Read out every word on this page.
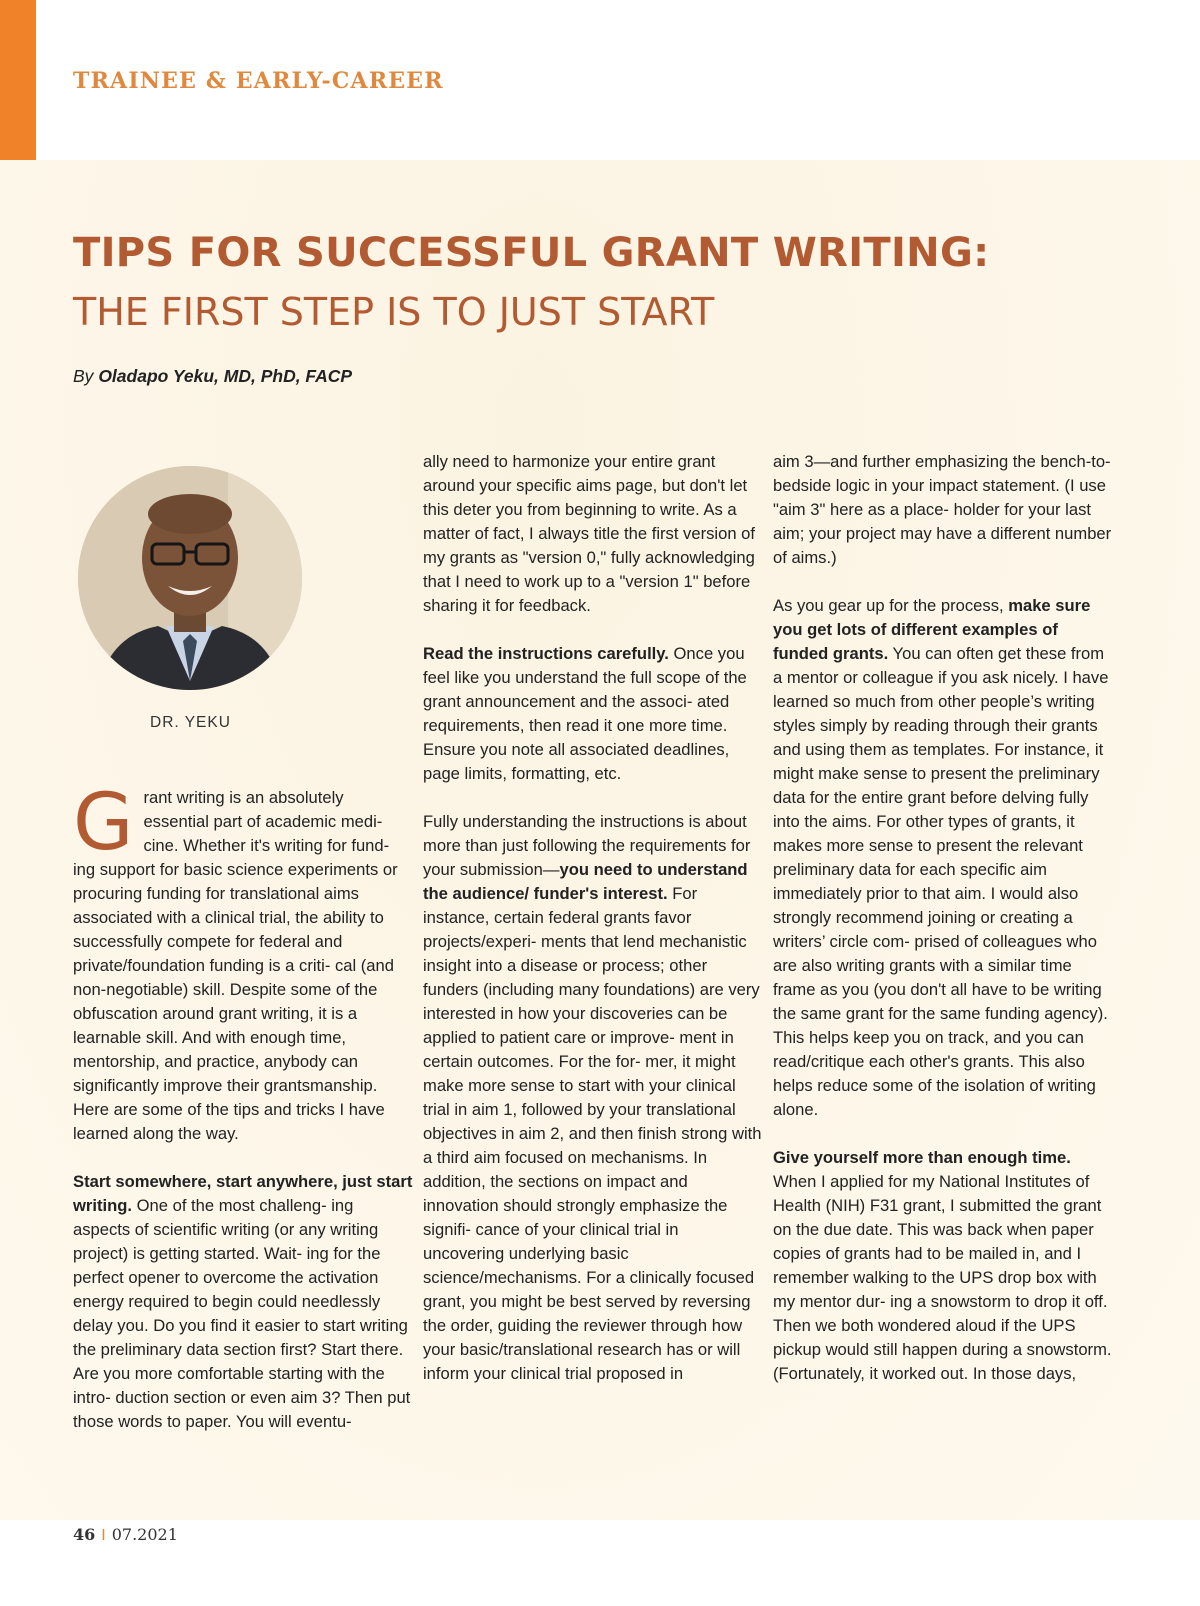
TRAINEE & EARLY-CAREER
TIPS FOR SUCCESSFUL GRANT WRITING:
THE FIRST STEP IS TO JUST START
By Oladapo Yeku, MD, PhD, FACP
DR. YEKU

Grant writing is an absolutely essential part of academic medi- cine. Whether it's writing for fund- ing support for basic science experiments or procuring funding for translational aims associated with a clinical trial, the ability to successfully compete for federal and private/foundation funding is a criti- cal (and non-negotiable) skill. Despite some of the obfuscation around grant writing, it is a learnable skill. And with enough time, mentorship, and practice, anybody can significantly improve their grantsmanship. Here are some of the tips and tricks I have learned along the way.

Start somewhere, start anywhere, just start writing. One of the most challeng- ing aspects of scientific writing (or any writing project) is getting started. Wait- ing for the perfect opener to overcome the activation energy required to begin could needlessly delay you. Do you find it easier to start writing the preliminary data section first? Start there. Are you more comfortable starting with the intro- duction section or even aim 3? Then put those words to paper. You will eventu-

ally need to harmonize your entire grant around your specific aims page, but don't let this deter you from beginning to write. As a matter of fact, I always title the first version of my grants as "version 0," fully acknowledging that I need to work up to a "version 1" before sharing it for feedback.

Read the instructions carefully. Once you feel like you understand the full scope of the grant announcement and the associ- ated requirements, then read it one more time. Ensure you note all associated deadlines, page limits, formatting, etc.

Fully understanding the instructions is about more than just following the requirements for your submission—you need to understand the audience/ funder's interest. For instance, certain federal grants favor projects/experi- ments that lend mechanistic insight into a disease or process; other funders (including many foundations) are very interested in how your discoveries can be applied to patient care or improve- ment in certain outcomes. For the for- mer, it might make more sense to start with your clinical trial in aim 1, followed by your translational objectives in aim 2, and then finish strong with a third aim focused on mechanisms. In addition, the sections on impact and innovation should strongly emphasize the signifi- cance of your clinical trial in uncovering underlying basic science/mechanisms. For a clinically focused grant, you might be best served by reversing the order, guiding the reviewer through how your basic/translational research has or will inform your clinical trial proposed in

aim 3—and further emphasizing the bench-to-bedside logic in your impact statement. (I use "aim 3" here as a place- holder for your last aim; your project may have a different number of aims.)

As you gear up for the process, make sure you get lots of different examples of funded grants. You can often get these from a mentor or colleague if you ask nicely. I have learned so much from other people’s writing styles simply by reading through their grants and using them as templates. For instance, it might make sense to present the preliminary data for the entire grant before delving fully into the aims. For other types of grants, it makes more sense to present the relevant preliminary data for each specific aim immediately prior to that aim. I would also strongly recommend joining or creating a writers’ circle com- prised of colleagues who are also writing grants with a similar time frame as you (you don't all have to be writing the same grant for the same funding agency). This helps keep you on track, and you can read/critique each other's grants. This also helps reduce some of the isolation of writing alone.

Give yourself more than enough time. When I applied for my National Institutes of Health (NIH) F31 grant, I submitted the grant on the due date. This was back when paper copies of grants had to be mailed in, and I remember walking to the UPS drop box with my mentor dur- ing a snowstorm to drop it off. Then we both wondered aloud if the UPS pickup would still happen during a snowstorm. (Fortunately, it worked out. In those days,

46 I 07.2021
